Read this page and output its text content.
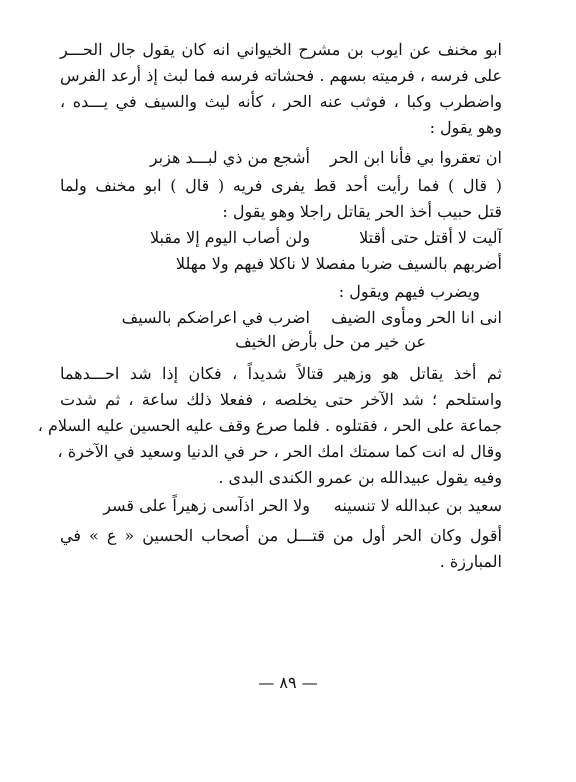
ابو مخنف عن ايوب بن مشرح الخيواني انه كان يقول جال الحـــر
على فرسه ، فرميته بسهم . فحشاته فرسه فما لبث إذ أرعد الفرس
واضطرب وكبا ، فوثب عنه الحر ، كأنه ليث والسيف في يـــده ،
وهو يقول :
ان تعقروا بي فأنا ابن الحر
أشجع من ذي لبـــد هزبر
( قال ) فما رأيت أحد قط يفرى فريه ( قال ) ابو مخنف ولما
قتل حبيب أخذ الحر يقاتل راجلا وهو يقول :
آليت لا أقتل حتى أقتلا
ولن أصاب اليوم إلا مقبلا
أضربهم بالسيف ضربا مفصلا
لا ناكلا فيهم ولا مهللا
ويضرب فيهم ويقول :
انى انا الحر ومأوى الضيف
اضرب في اعراضكم بالسيف
عن خير من حل بأرض الخيف
ثم أخذ يقاتل هو وزهير قتالاً شديداً ، فكان إذا شد احـــدهما
واستلحم ؛ شد الآخر حتى يخلصه ، ففعلا ذلك ساعة ، ثم شدت
جماعة على الحر ، فقتلوه . فلما صرع وقف عليه الحسين عليه السلام ،
وقال له انت كما سمتك امك الحر ، حر في الدنيا وسعيد في الآخرة ،
وفيه يقول عبيدالله بن عمرو الكندى البدى .
سعيد بن عبدالله لا تنسينه
ولا الحر اذآسى زهيراً على قسر
أقول وكان الحر أول من قتـــل من أصحاب الحسين « ع » في
المبارزة .
— ٨٩ —
